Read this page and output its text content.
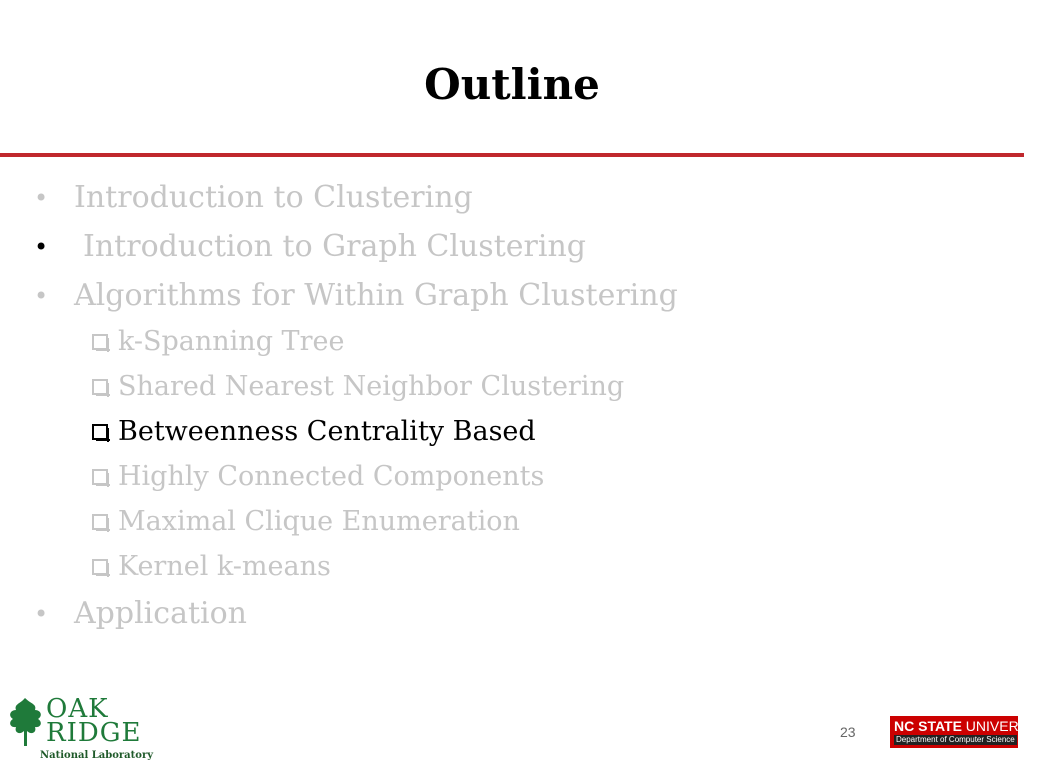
Outline
• Introduction to Clustering
• Introduction to Graph Clustering
• Algorithms for Within Graph Clustering
k-Spanning Tree
Shared Nearest Neighbor Clustering
Betweenness Centrality Based
Highly Connected Components
Maximal Clique Enumeration
Kernel k-means
• Application
OAK
RIDGE
National Laboratory
23	NC STATE UNIVERSITY
Department of Computer Science
